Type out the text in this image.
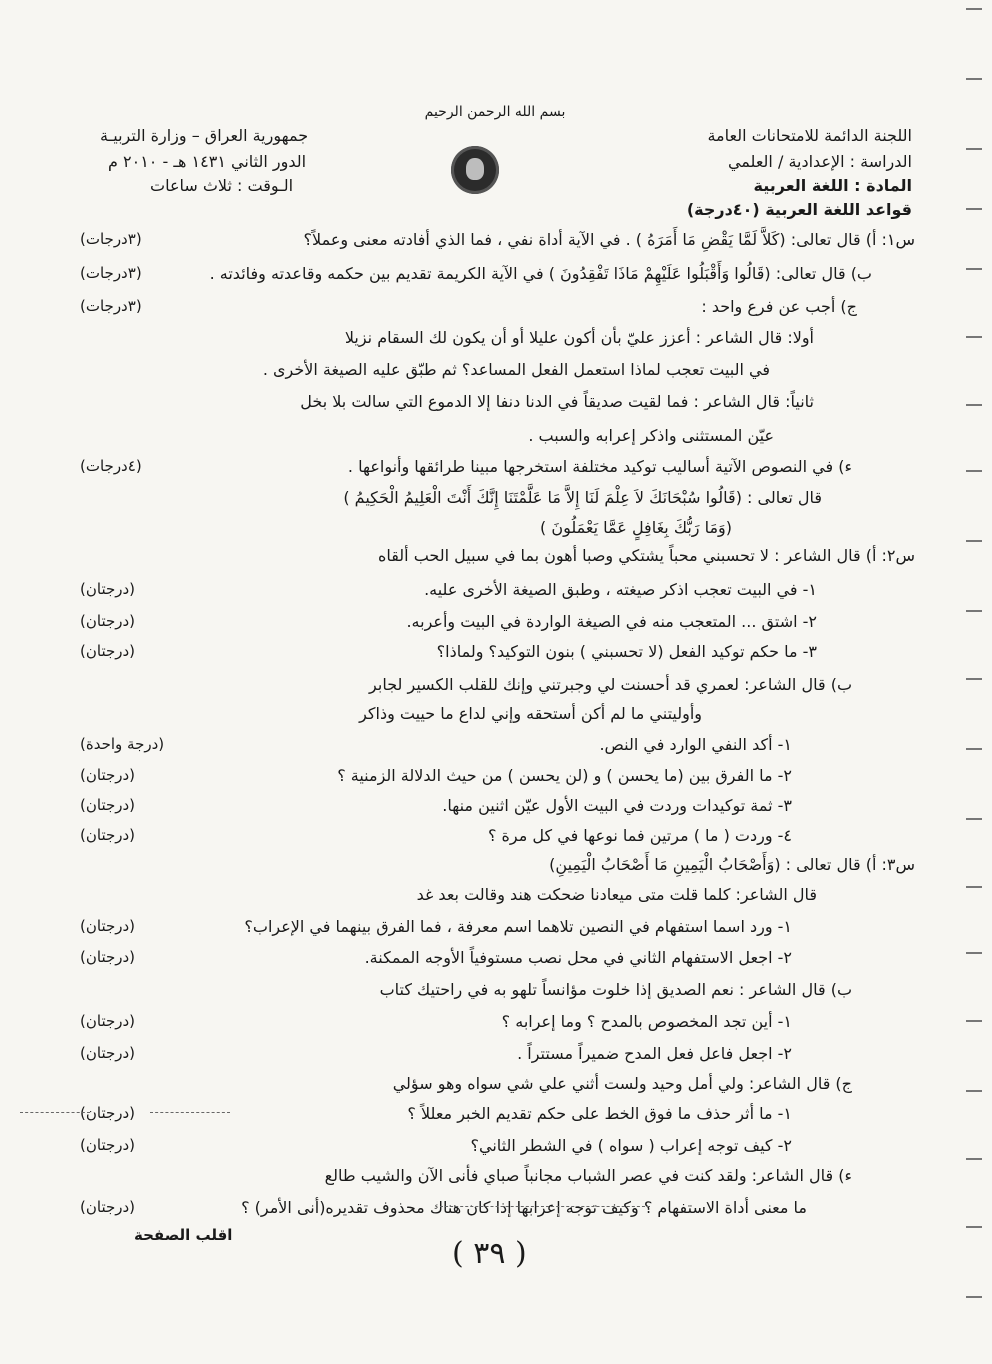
بسم الله الرحمن الرحيم
اللجنة الدائمة للامتحانات العامة
الدراسة : الإعدادية / العلمي
المادة : اللغة العربية
قواعد اللغة العربية (٤٠درجة)
جمهورية العراق – وزارة التربيـة
الدور الثاني ١٤٣١ هـ - ٢٠١٠ م
الـوقت : ثلاث ساعات
س١: أ) قال تعالى: (كَلاَّ لَمَّا يَقْضِ مَا أَمَرَهُ ) . في الآية أداة نفي ، فما الذي أفادته معنى وعملاً؟
(٣درجات)
ب) قال تعالى: (قَالُوا وَأَقْبَلُوا عَلَيْهِمْ مَاذَا تَفْقِدُونَ ) في الآية الكريمة تقديم بين حكمه وقاعدته وفائدته .
(٣درجات)
ج) أجب عن فرع واحد :
(٣درجات)
أولا: قال الشاعر : أعزز عليّ بأن أكون عليلا أو أن يكون لك السقام نزيلا
في البيت تعجب لماذا استعمل الفعل المساعد؟ ثم طبّق عليه الصيغة الأخرى .
ثانياً: قال الشاعر : فما لقيت صديقاً في الدنا دنفا إلا الدموع التي سالت بلا بخل
عيّن المستثنى واذكر إعرابه والسبب .
ء) في النصوص الآتية أساليب توكيد مختلفة استخرجها مبينا طرائقها وأنواعها .
(٤درجات)
قال تعالى : (قَالُوا سُبْحَانَكَ لاَ عِلْمَ لَنَا إِلاَّ مَا عَلَّمْتَنَا إِنَّكَ أَنْتَ الْعَلِيمُ الْحَكِيمُ )
(وَمَا رَبُّكَ بِغَافِلٍ عَمَّا يَعْمَلُونَ )
س٢: أ) قال الشاعر : لا تحسبني محباً يشتكي وصبا أهون بما في سبيل الحب ألقاه
١- في البيت تعجب اذكر صيغته ، وطبق الصيغة الأخرى عليه.
(درجتان)
٢- اشتق ... المتعجب منه في الصيغة الواردة في البيت وأعربه.
(درجتان)
٣- ما حكم توكيد الفعل (لا تحسبني ) بنون التوكيد؟ ولماذا؟
(درجتان)
ب) قال الشاعر: لعمري قد أحسنت لي وجبرتني وإنك للقلب الكسير لجابر
وأوليتني ما لم أكن أستحقه وإني لداع ما حييت وذاكر
١- أكد النفي الوارد في النص.
(درجة واحدة)
٢- ما الفرق بين (ما يحسن ) و (لن يحسن ) من حيث الدلالة الزمنية ؟
(درجتان)
٣- ثمة توكيدات وردت في البيت الأول عيّن اثنين منها.
(درجتان)
٤- وردت ( ما ) مرتين فما نوعها في كل مرة ؟
(درجتان)
س٣: أ) قال تعالى : (وَأَصْحَابُ الْيَمِينِ مَا أَصْحَابُ الْيَمِينِ)
قال الشاعر: كلما قلت متى ميعادنا ضحكت هند وقالت بعد غد
١- ورد اسما استفهام في النصين تلاهما اسم معرفة ، فما الفرق بينهما في الإعراب؟
(درجتان)
٢- اجعل الاستفهام الثاني في محل نصب مستوفياً الأوجه الممكنة.
(درجتان)
ب) قال الشاعر : نعم الصديق إذا خلوت مؤانساً تلهو به في راحتيك كتاب
١- أين تجد المخصوص بالمدح ؟ وما إعرابه ؟
(درجتان)
٢- اجعل فاعل فعل المدح ضميراً مستتراً .
(درجتان)
ج) قال الشاعر: ولي أمل وحيد ولست أثني علي شي سواه وهو سؤلي
١- ما أثر حذف ما فوق الخط على حكم تقديم الخبر معللاً ؟
(درجتان)
٢- كيف توجه إعراب ( سواه ) في الشطر الثاني؟
(درجتان)
ء) قال الشاعر: ولقد كنت في عصر الشباب مجانباً صباي فأنى الآن والشيب طالع
ما معنى أداة الاستفهام ؟ وكيف توجه إعرابها إذا كان هناك محذوف تقديره(أنى الأمر) ؟
(درجتان)
اقلب الصفحة
( ٣٩ )
